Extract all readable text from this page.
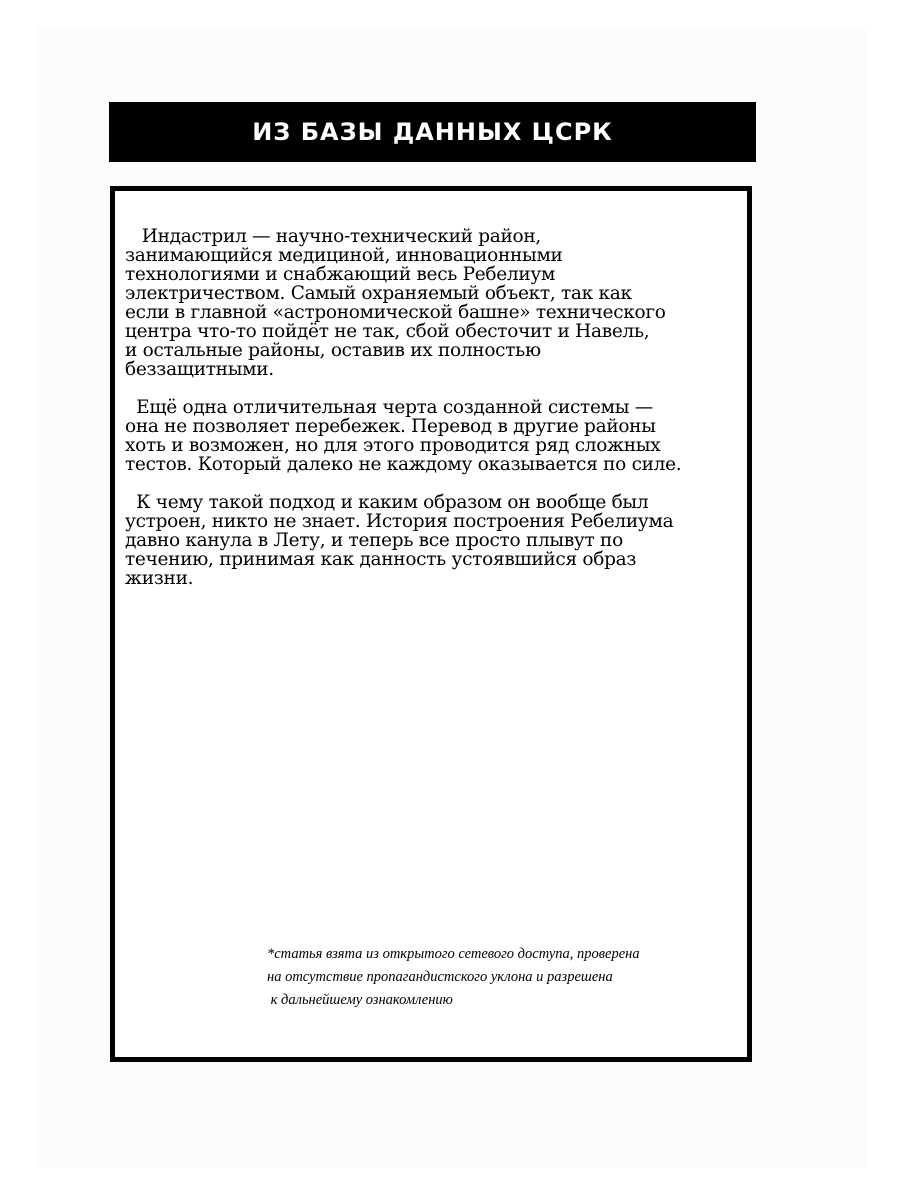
ИЗ БАЗЫ ДАННЫХ ЦСРК

Индастрил — научно-технический район,
занимающийся медициной, инновационными
технологиями и снабжающий весь Ребелиум
электричеством. Самый охраняемый объект, так как
если в главной «астрономической башне» технического
центра что-то пойдёт не так, сбой обесточит и Навель,
и остальные районы, оставив их полностью
беззащитными.

Ещё одна отличительная черта созданной системы —
она не позволяет перебежек. Перевод в другие районы
хоть и возможен, но для этого проводится ряд сложных
тестов. Который далеко не каждому оказывается по силе.

К чему такой подход и каким образом он вообще был
устроен, никто не знает. История построения Ребелиума
давно канула в Лету, и теперь все просто плывут по
течению, принимая как данность устоявшийся образ
жизни.

*статья взята из открытого сетевого доступа, проверена
на отсутствие пропагандистского уклона и разрешена
к дальнейшему ознакомлению
